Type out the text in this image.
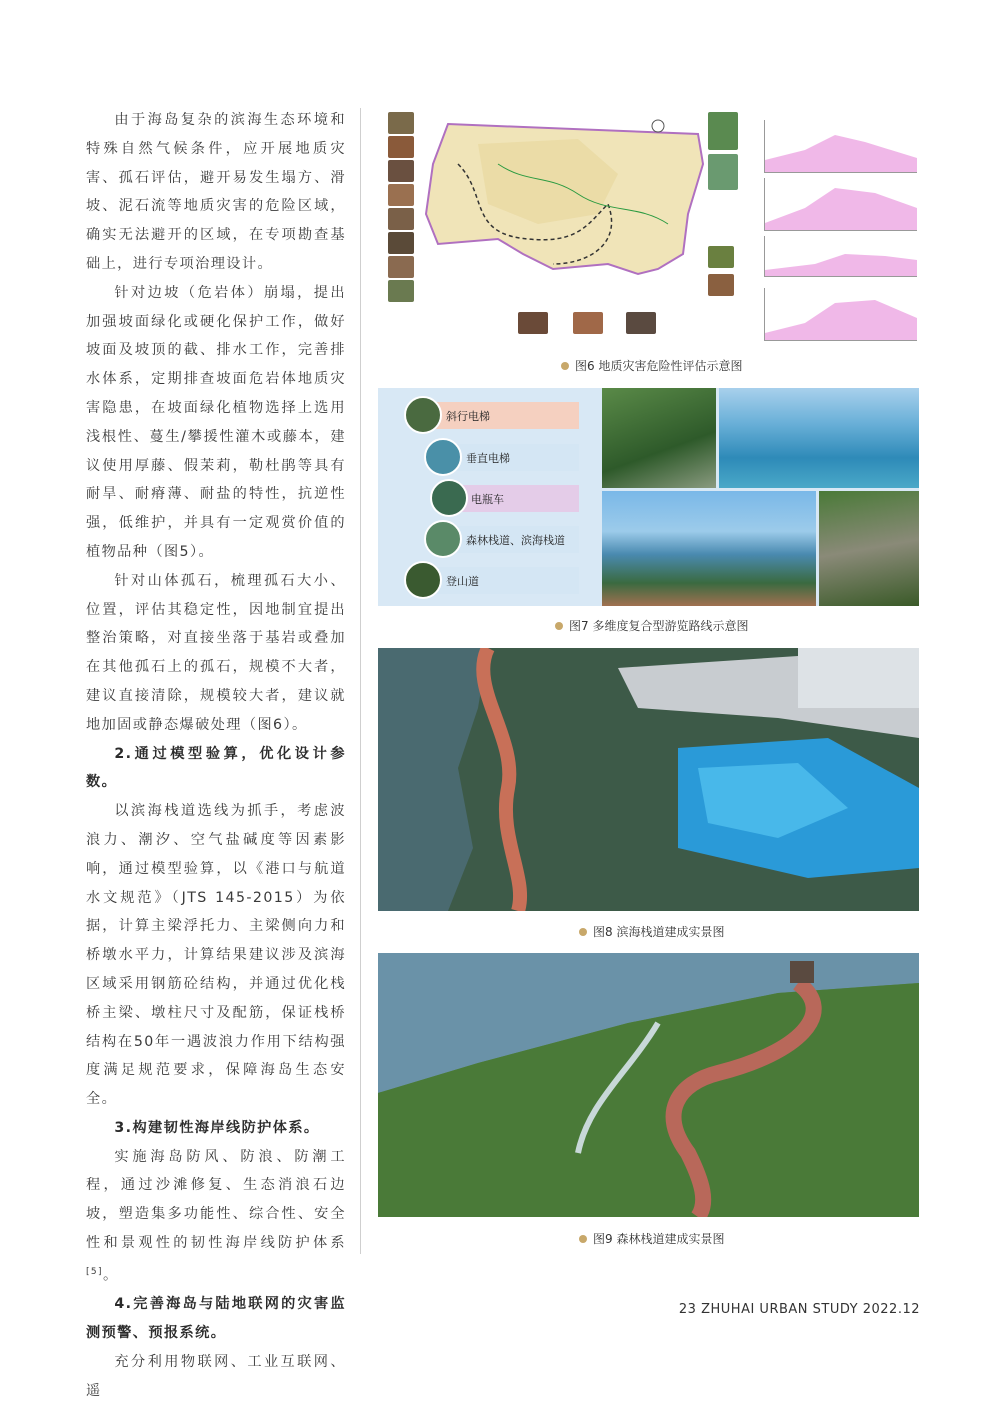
由于海岛复杂的滨海生态环境和特殊自然气候条件，应开展地质灾害、孤石评估，避开易发生塌方、滑坡、泥石流等地质灾害的危险区域，确实无法避开的区域，在专项勘查基础上，进行专项治理设计。

针对边坡（危岩体）崩塌，提出加强坡面绿化或硬化保护工作，做好坡面及坡顶的截、排水工作，完善排水体系，定期排查坡面危岩体地质灾害隐患，在坡面绿化植物选择上选用浅根性、蔓生/攀援性灌木或藤本，建议使用厚藤、假茉莉，勒杜鹃等具有耐旱、耐瘠薄、耐盐的特性，抗逆性强，低维护，并具有一定观赏价值的植物品种（图5）。

针对山体孤石，梳理孤石大小、位置，评估其稳定性，因地制宜提出整治策略，对直接坐落于基岩或叠加在其他孤石上的孤石，规模不大者，建议直接清除，规模较大者，建议就地加固或静态爆破处理（图6）。

2.通过模型验算，优化设计参数。

以滨海栈道选线为抓手，考虑波浪力、潮汐、空气盐碱度等因素影响，通过模型验算，以《港口与航道水文规范》（JTS 145-2015）为依据，计算主梁浮托力、主梁侧向力和桥墩水平力，计算结果建议涉及滨海区域采用钢筋砼结构，并通过优化栈桥主梁、墩柱尺寸及配筋，保证栈桥结构在50年一遇波浪力作用下结构强度满足规范要求，保障海岛生态安全。

3.构建韧性海岸线防护体系。

实施海岛防风、防浪、防潮工程，通过沙滩修复、生态消浪石边坡，塑造集多功能性、综合性、安全性和景观性的韧性海岸线防护体系[5]。

4.完善海岛与陆地联网的灾害监测预警、预报系统。

充分利用物联网、工业互联网、遥

图6 地质灾害危险性评估示意图
斜行电梯
垂直电梯
电瓶车
森林栈道、滨海栈道
登山道
图7 多维度复合型游览路线示意图
图8 滨海栈道建成实景图
图9 森林栈道建成实景图
23 ZHUHAI URBAN STUDY 2022.12
